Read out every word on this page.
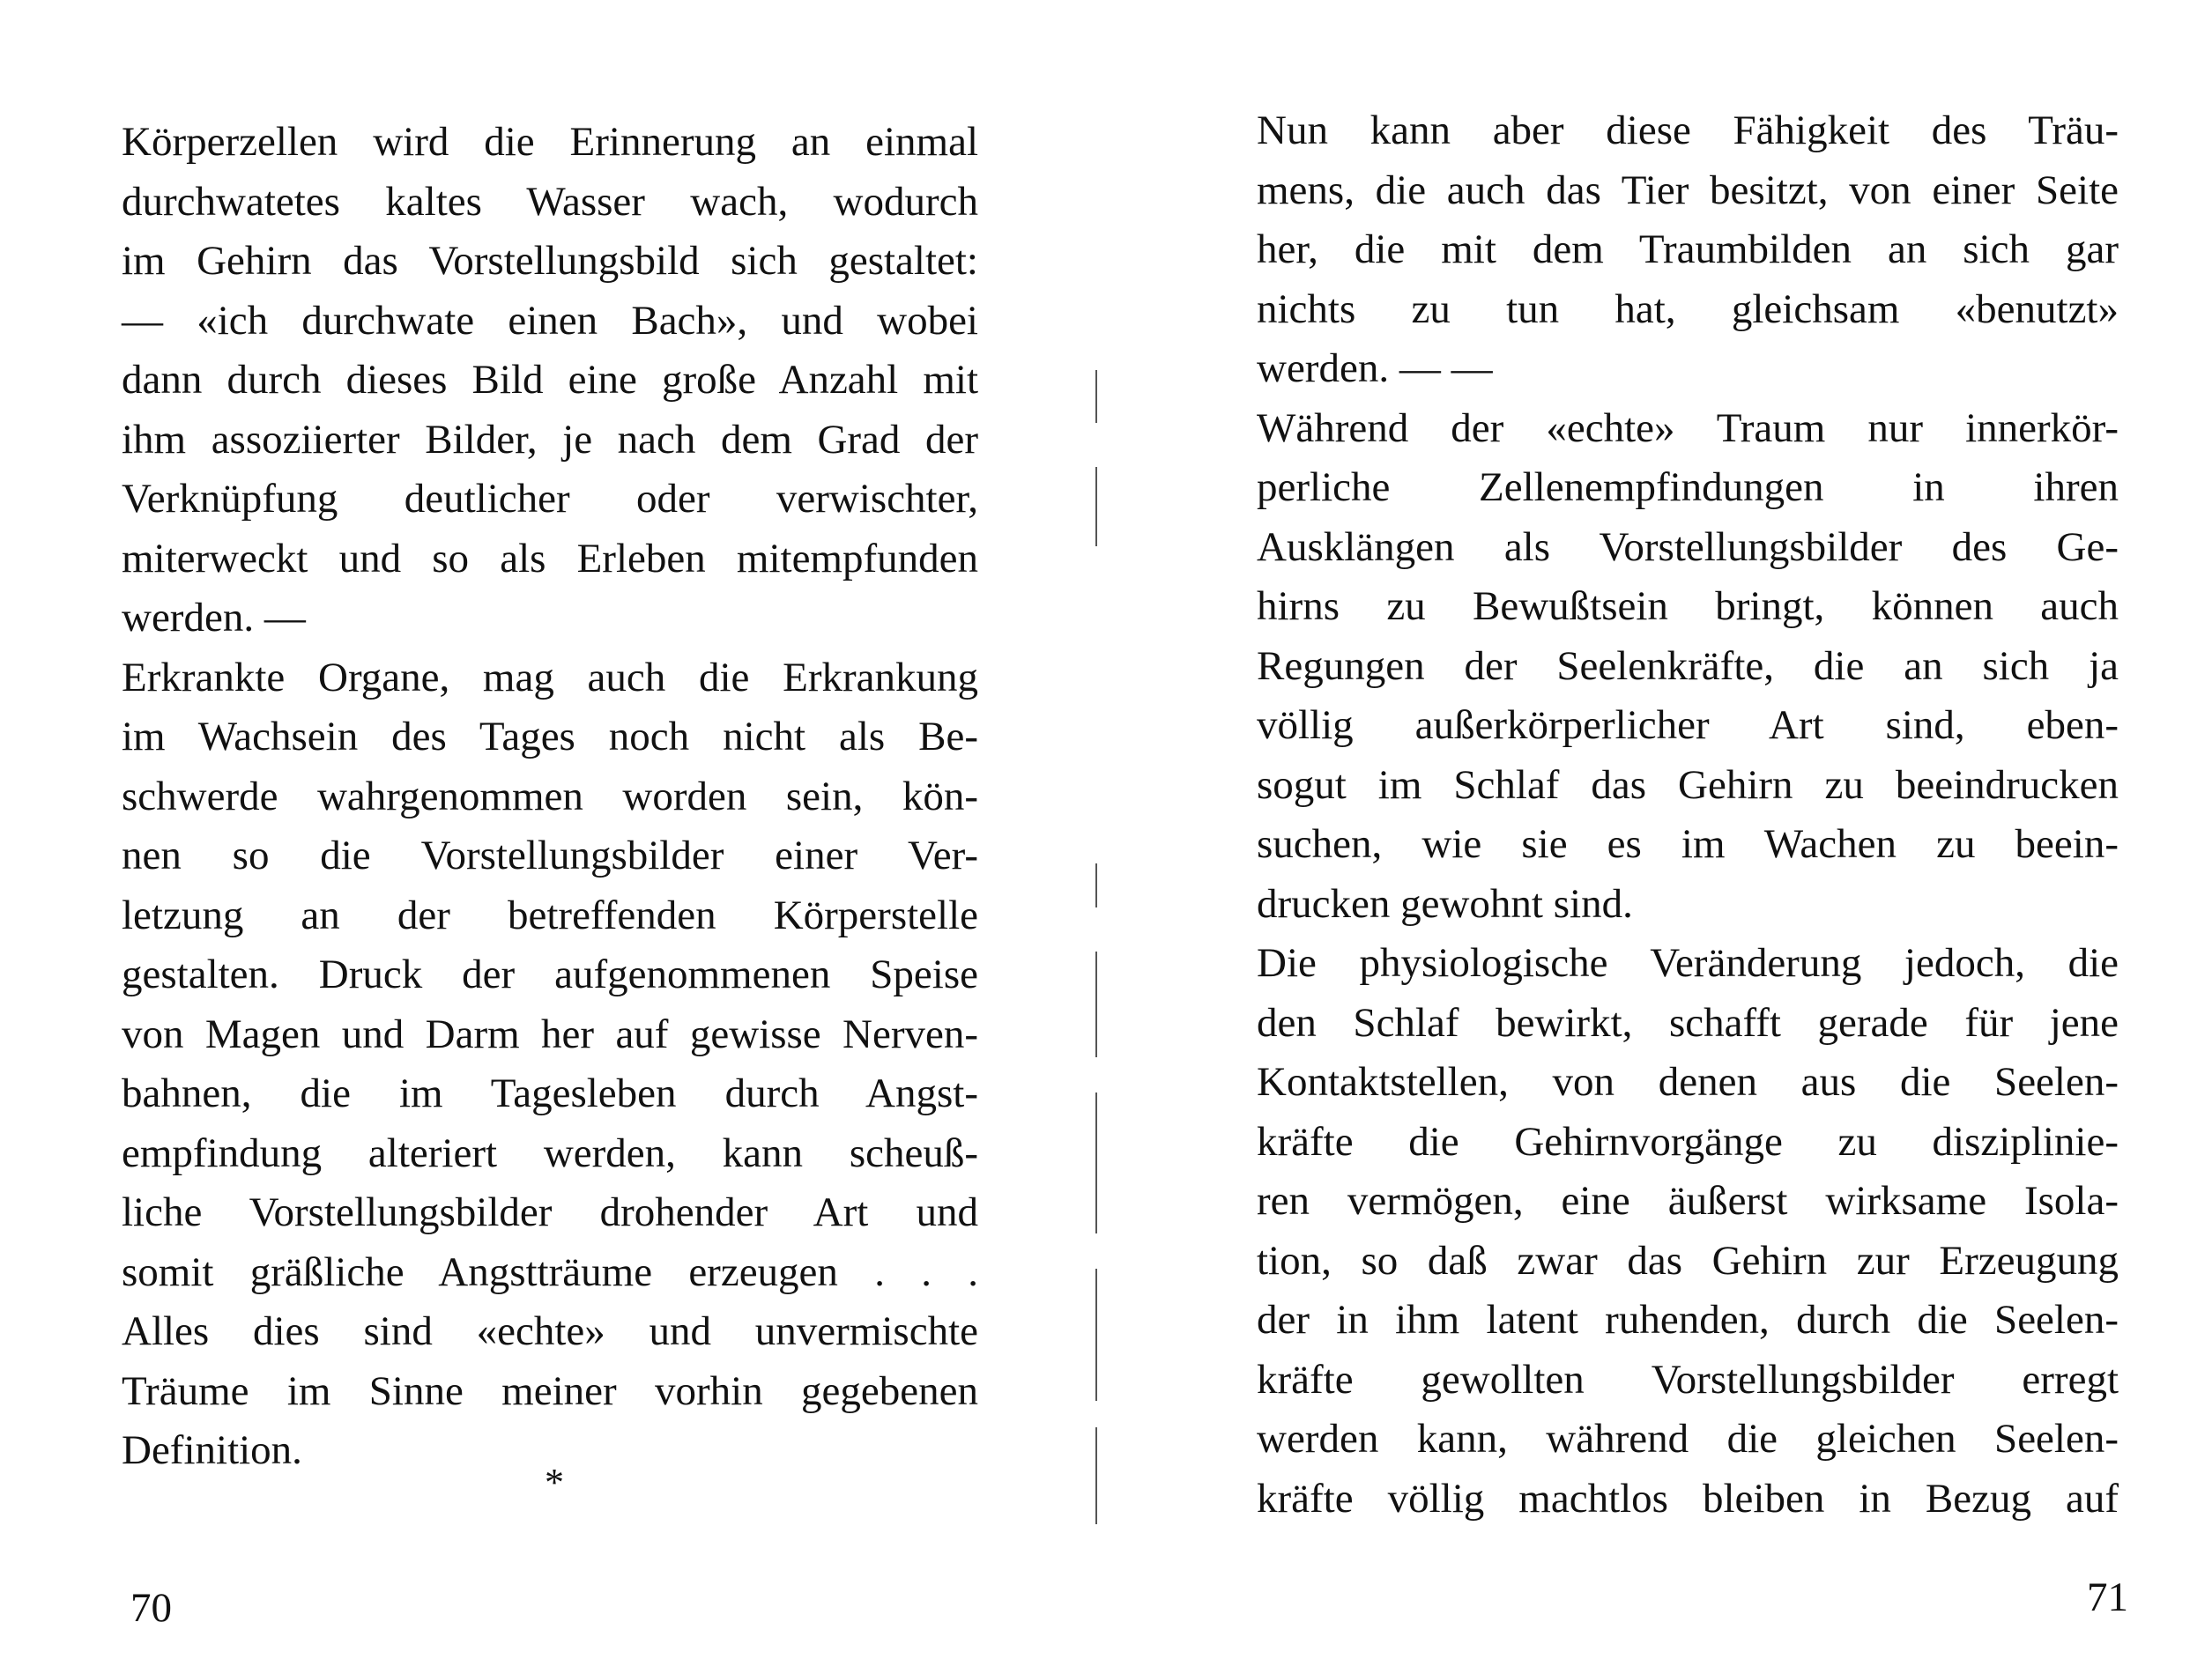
Körperzellen wird die Erinnerung an einmal
durchwatetes kaltes Wasser wach, wodurch
im Gehirn das Vorstellungsbild sich gestaltet:
— «ich durchwate einen Bach», und wobei
dann durch dieses Bild eine große Anzahl mit
ihm assoziierter Bilder, je nach dem Grad der
Verknüpfung deutlicher oder verwischter,
miterweckt und so als Erleben mitempfunden
werden. —
Erkrankte Organe, mag auch die Erkrankung
im Wachsein des Tages noch nicht als Be-
schwerde wahrgenommen worden sein, kön-
nen so die Vorstellungsbilder einer Ver-
letzung an der betreffenden Körperstelle
gestalten. Druck der aufgenommenen Speise
von Magen und Darm her auf gewisse Nerven-
bahnen, die im Tagesleben durch Angst-
empfindung alteriert werden, kann scheuß-
liche Vorstellungsbilder drohender Art und
somit gräßliche Angstträume erzeugen . . .
Alles dies sind «echte» und unvermischte
Träume im Sinne meiner vorhin gegebenen
Definition.
*
70
Nun kann aber diese Fähigkeit des Träu-
mens, die auch das Tier besitzt, von einer Seite
her, die mit dem Traumbilden an sich gar
nichts zu tun hat, gleichsam «benutzt»
werden. — —
Während der «echte» Traum nur innerkör-
perliche Zellenempfindungen in ihren
Ausklängen als Vorstellungsbilder des Ge-
hirns zu Bewußtsein bringt, können auch
Regungen der Seelenkräfte, die an sich ja
völlig außerkörperlicher Art sind, eben-
sogut im Schlaf das Gehirn zu beeindrucken
suchen, wie sie es im Wachen zu beein-
drucken gewohnt sind.
Die physiologische Veränderung jedoch, die
den Schlaf bewirkt, schafft gerade für jene
Kontaktstellen, von denen aus die Seelen-
kräfte die Gehirnvorgänge zu disziplinie-
ren vermögen, eine äußerst wirksame Isola-
tion, so daß zwar das Gehirn zur Erzeugung
der in ihm latent ruhenden, durch die Seelen-
kräfte gewollten Vorstellungsbilder erregt
werden kann, während die gleichen Seelen-
kräfte völlig machtlos bleiben in Bezug auf
71
